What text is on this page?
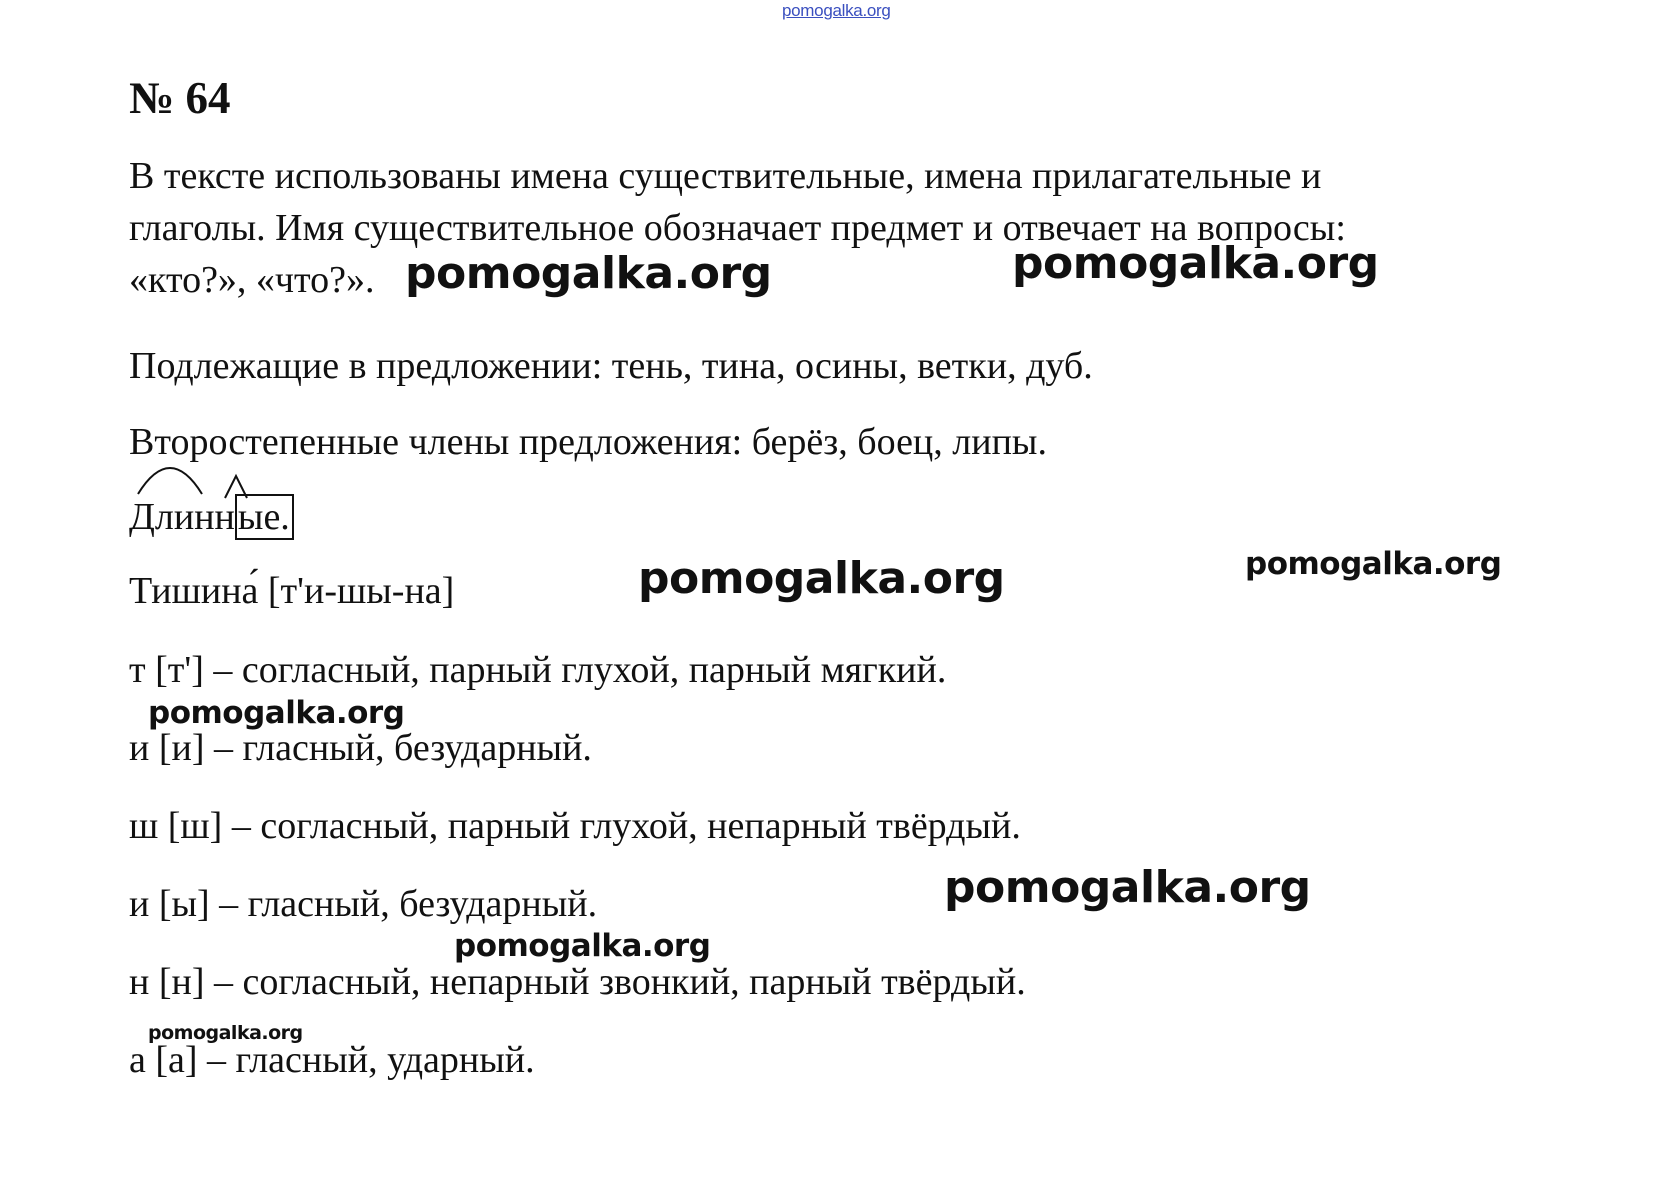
pomogalka.org
№ 64

В тексте использованы имена существительные, имена прилагательные и

глаголы. Имя существительное обозначает предмет и отвечает на вопросы:

«кто?», «что?».

Подлежащие в предложении: тень, тина, осины, ветки, дуб.

Второстепенные члены предложения: берёз, боец, липы.

Длинные.

Тишина́ [т'и-шы-на]

т [т'] – согласный, парный глухой, парный мягкий.

и [и] – гласный, безударный.

ш [ш] – согласный, парный глухой, непарный твёрдый.

и [ы] – гласный, безударный.

н [н] – согласный, непарный звонкий, парный твёрдый.

а [а] – гласный, ударный.

pomogalka.org	pomogalka.org
pomogalka.org	pomogalka.org
pomogalka.org
pomogalka.org
pomogalka.org
pomogalka.org
